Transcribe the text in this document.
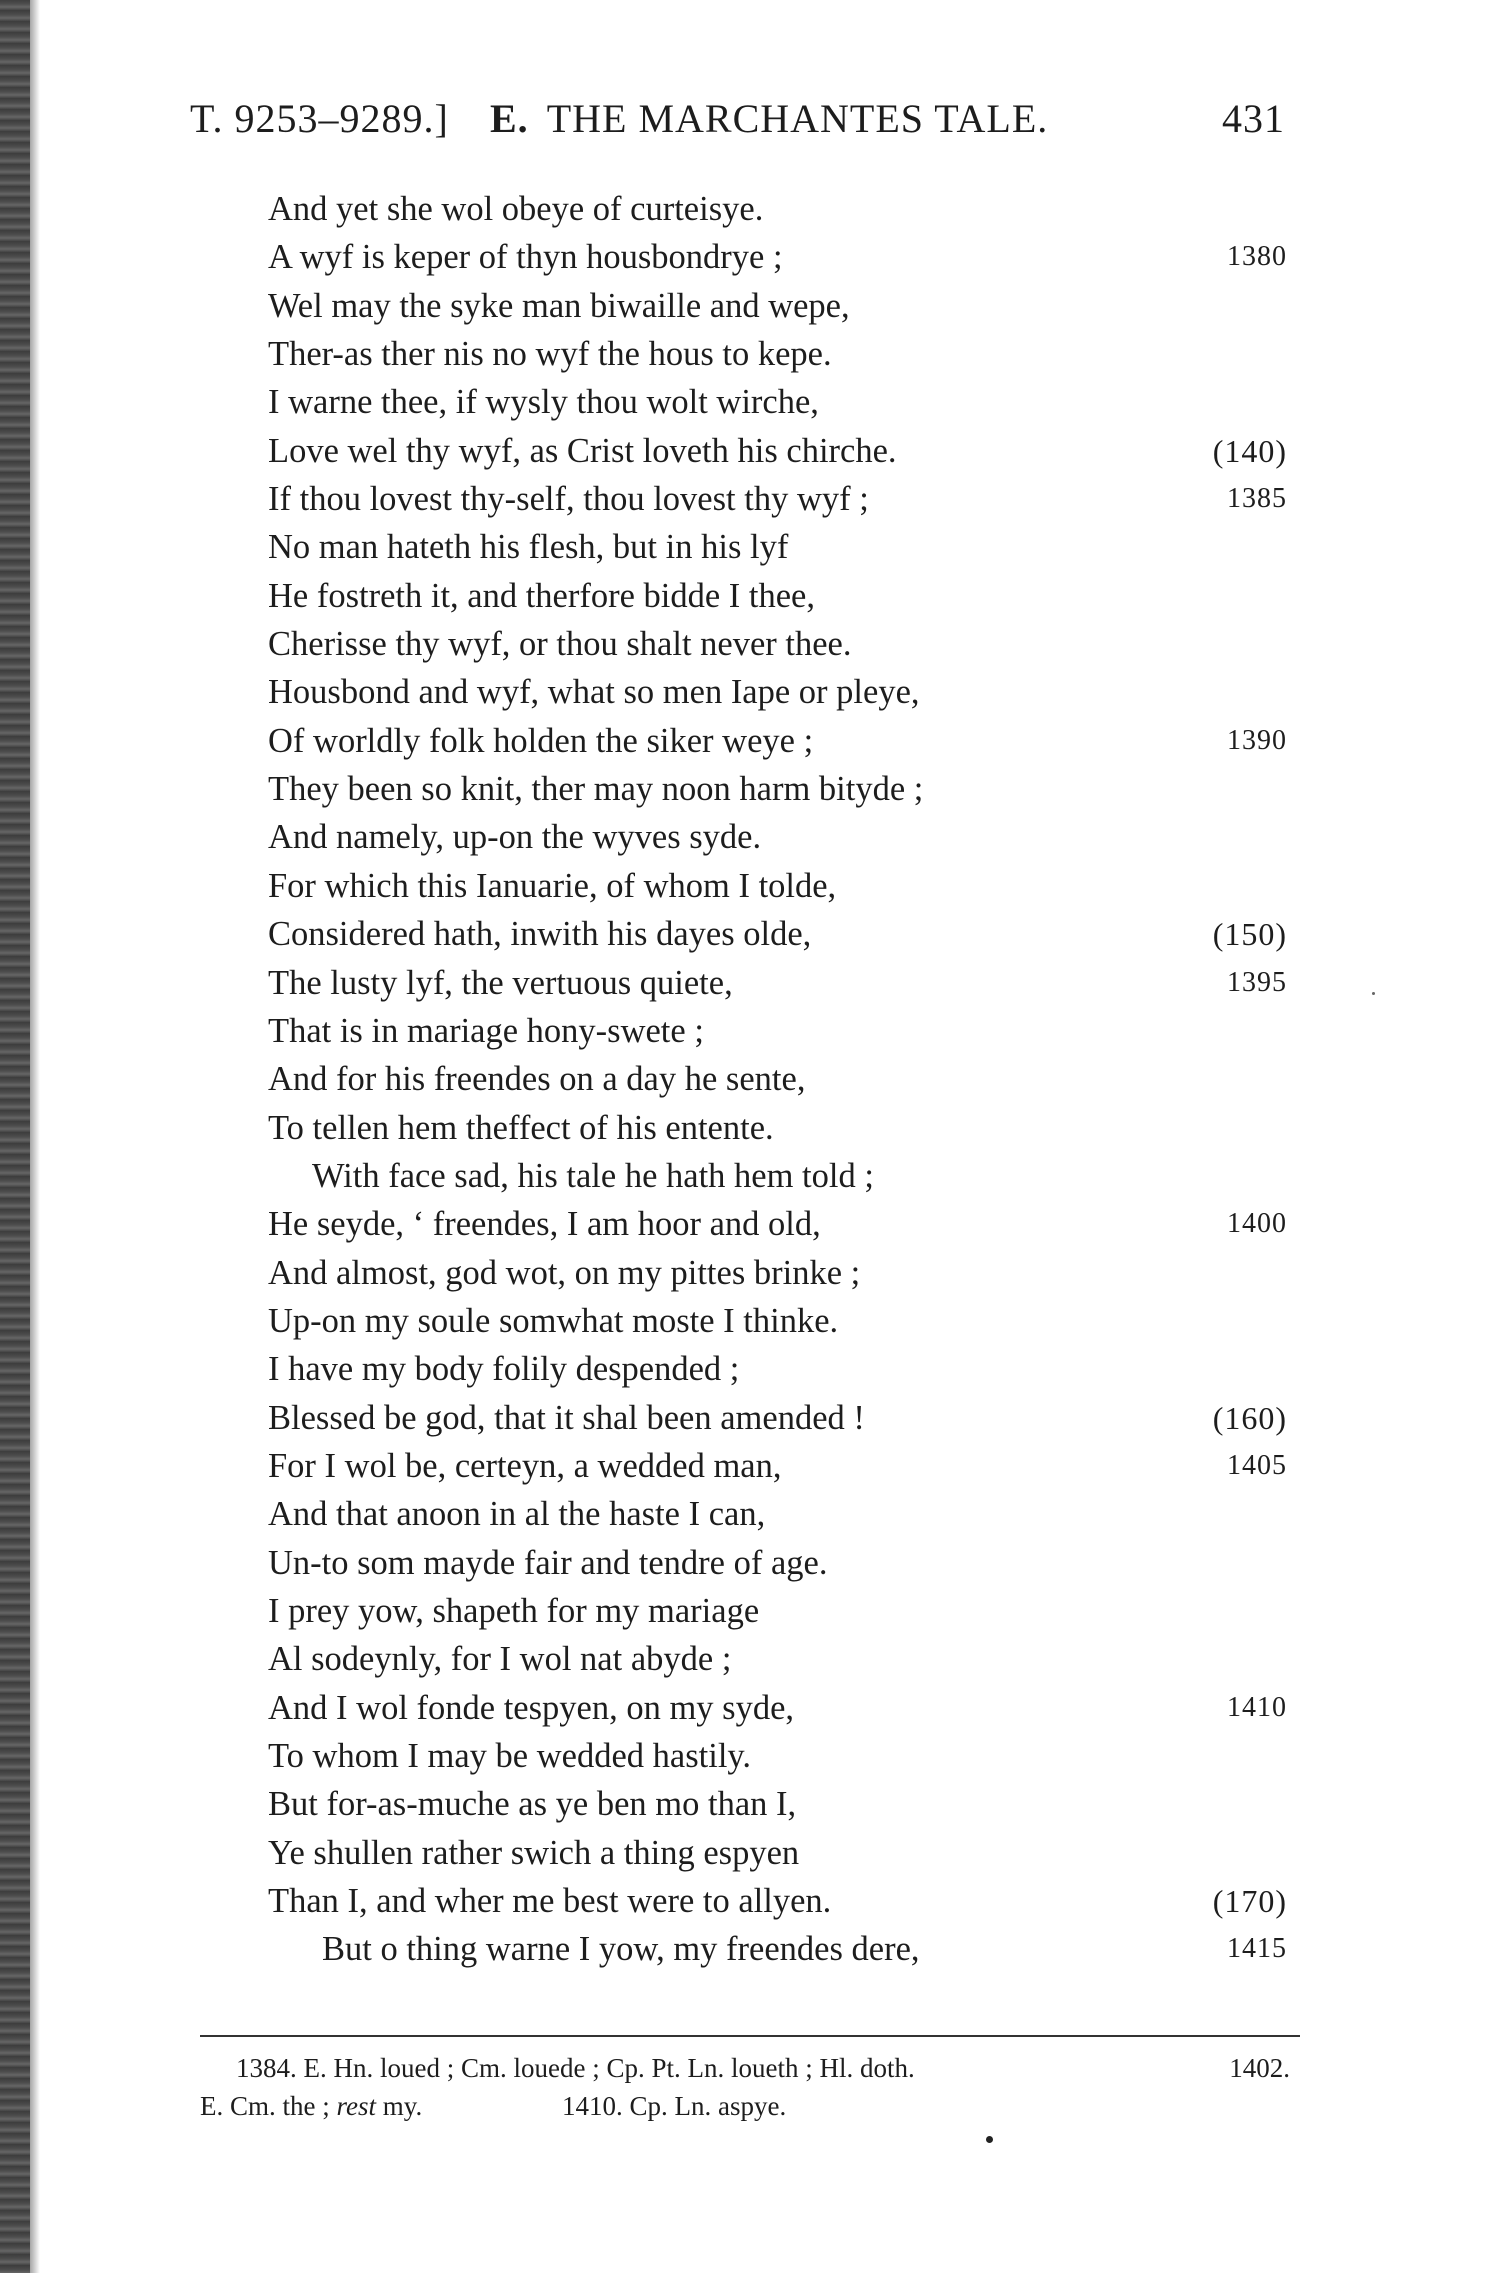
T. 9253–9289.] E. THE MARCHANTES TALE.	431
And yet she wol obeye of curteisye.
A wyf is keper of thyn housbondrye ;	1380
Wel may the syke man biwaille and wepe,
Ther-as ther nis no wyf the hous to kepe.
I warne thee, if wysly thou wolt wirche,
Love wel thy wyf, as Crist loveth his chirche.	(140)
If thou lovest thy-self, thou lovest thy wyf ;	1385
No man hateth his flesh, but in his lyf
He fostreth it, and therfore bidde I thee,
Cherisse thy wyf, or thou shalt never thee.
Housbond and wyf, what so men Iape or pleye,
Of worldly folk holden the siker weye ;	1390
They been so knit, ther may noon harm bityde ;
And namely, up-on the wyves syde.
For which this Ianuarie, of whom I tolde,
Considered hath, inwith his dayes olde,	(150)
The lusty lyf, the vertuous quiete,	1395
That is in mariage hony-swete ;
And for his freendes on a day he sente,
To tellen hem theffect of his entente.
With face sad, his tale he hath hem told ;
He seyde, ‘ freendes, I am hoor and old,	1400
And almost, god wot, on my pittes brinke ;
Up-on my soule somwhat moste I thinke.
I have my body folily despended ;
Blessed be god, that it shal been amended !	(160)
For I wol be, certeyn, a wedded man,	1405
And that anoon in al the haste I can,
Un-to som mayde fair and tendre of age.
I prey yow, shapeth for my mariage
Al sodeynly, for I wol nat abyde ;
And I wol fonde tespyen, on my syde,	1410
To whom I may be wedded hastily.
But for-as-muche as ye ben mo than I,
Ye shullen rather swich a thing espyen
Than I, and wher me best were to allyen.	(170)
But o thing warne I yow, my freendes dere,	1415
1384. E. Hn. loued ; Cm. louede ; Cp. Pt. Ln. loueth ; Hl. doth.	1402.
E. Cm. the ; rest my.	1410. Cp. Ln. aspye.
